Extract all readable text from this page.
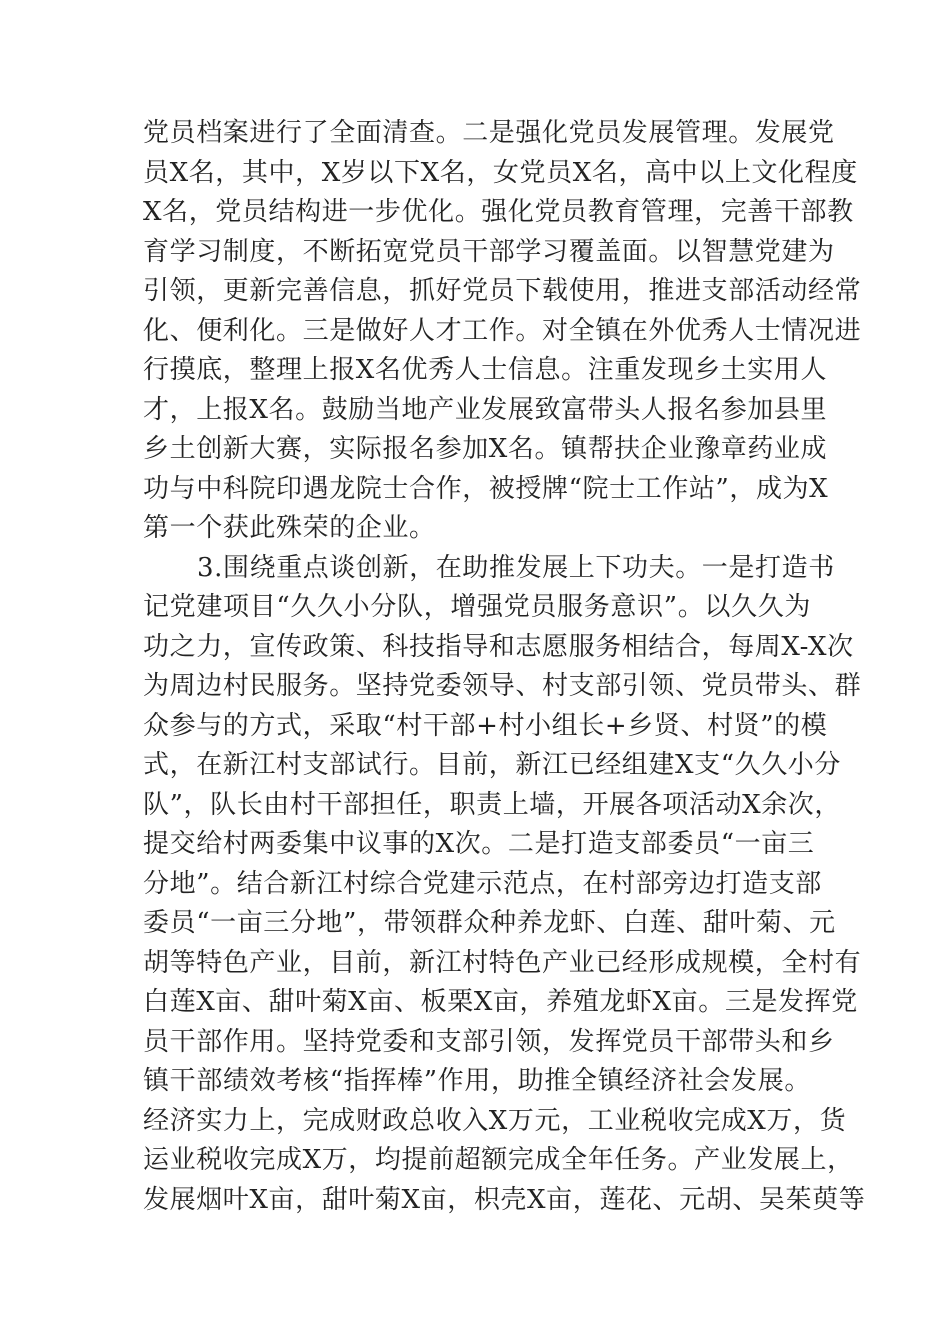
党员档案进行了全面清查。二是强化党员发展管理。发展党
员X名，其中，X岁以下X名，女党员X名，高中以上文化程度
X名，党员结构进一步优化。强化党员教育管理，完善干部教
育学习制度，不断拓宽党员干部学习覆盖面。以智慧党建为
引领，更新完善信息，抓好党员下载使用，推进支部活动经常
化、便利化。三是做好人才工作。对全镇在外优秀人士情况进
行摸底，整理上报X名优秀人士信息。注重发现乡土实用人
才，上报X名。鼓励当地产业发展致富带头人报名参加县里
乡土创新大赛，实际报名参加X名。镇帮扶企业豫章药业成
功与中科院印遇龙院士合作，被授牌“院士工作站”，成为X
第一个获此殊荣的企业。
3.围绕重点谈创新，在助推发展上下功夫。一是打造书
记党建项目“久久小分队，增强党员服务意识”。以久久为
功之力，宣传政策、科技指导和志愿服务相结合，每周X-X次
为周边村民服务。坚持党委领导、村支部引领、党员带头、群
众参与的方式，采取“村干部+村小组长+乡贤、村贤”的模
式，在新江村支部试行。目前，新江已经组建X支“久久小分
队”，队长由村干部担任，职责上墙，开展各项活动X余次，
提交给村两委集中议事的X次。二是打造支部委员“一亩三
分地”。结合新江村综合党建示范点，在村部旁边打造支部
委员“一亩三分地”，带领群众种养龙虾、白莲、甜叶菊、元
胡等特色产业，目前，新江村特色产业已经形成规模，全村有
白莲X亩、甜叶菊X亩、板栗X亩，养殖龙虾X亩。三是发挥党
员干部作用。坚持党委和支部引领，发挥党员干部带头和乡
镇干部绩效考核“指挥棒”作用，助推全镇经济社会发展。
经济实力上，完成财政总收入X万元，工业税收完成X万，货
运业税收完成X万，均提前超额完成全年任务。产业发展上，
发展烟叶X亩，甜叶菊X亩，枳壳X亩，莲花、元胡、吴茱萸等
